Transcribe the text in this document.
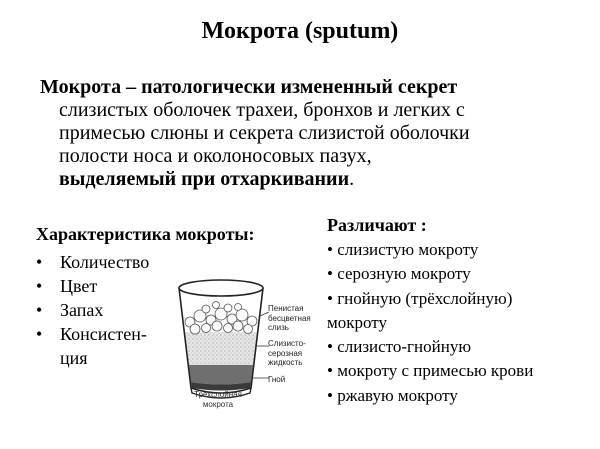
Мокрота (sputum)
Мокрота – патологически измененный секрет
слизистых оболочек трахеи, бронхов и легких с
примесью слюны и секрета слизистой оболочки
полости носа и околоносовых пазух,
выделяемый при отхаркивании.
Характеристика мокроты:
• Количество
• Цвет
• Запах
• Консистен-
ция
Различают :
• слизистую мокроту
• серозную мокроту
• гнойную (трёхслойную)
мокроту
• слизисто-гнойную
• мокроту с примесью крови
• ржавую мокроту
Пенистая
бесцветная
слизь
Слизисто-
серозная
жидкость
Гной
Трехслойная
мокрота
